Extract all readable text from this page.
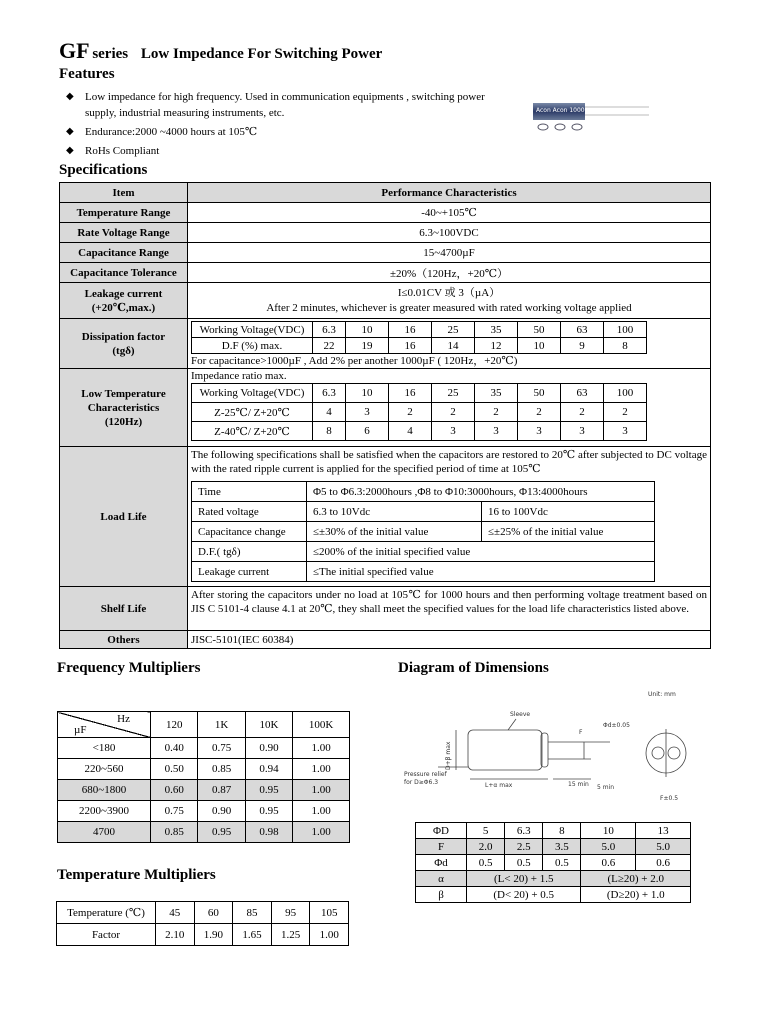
GF series Low Impedance For Switching Power
Features
◆ Low impedance for high frequency. Used in communication equipments , switching power supply, industrial measuring instruments, etc.
◆ Endurance:2000 ~4000 hours at 105℃
◆ RoHs Compliant
Acon Acon 1000uF 35V
Specifications
Item	Performance Characteristics
Temperature Range	-40~+105℃
Rate Voltage Range	6.3~100VDC
Capacitance Range	15~4700µF
Capacitance Tolerance	±20%（120Hz，+20℃）

Leakage current
(+20℃,max.)

I≤0.01CV 或 3（µA）
After 2 minutes, whichever is greater measured with rated working voltage applied

Dissipation factor
(tgδ)

Working Voltage(VDC)	6.3	10	16	25	35	50	63	100
D.F (%) max.	22	19	16	14	12	10	9	8
For capacitance>1000µF , Add 2% per another 1000µF ( 120Hz，+20℃)

Low Temperature
Characteristics
(120Hz)

Impedance ratio max.
Working Voltage(VDC)	6.3	10	16	25	35	50	63	100
Z-25℃/ Z+20℃	4	3	2	2	2	2	2	2
Z-40℃/ Z+20℃	8	6	4	3	3	3	3	3

Load Life	
The following specifications shall be satisfied when the capacitors are restored to 20℃ after subjected to DC voltage with the rated ripple current is applied for the specified period of time at 105℃
Time	Φ5 to Φ6.3:2000hours ,Φ8 to Φ10:3000hours, Φ13:4000hours
Rated voltage	6.3 to 10Vdc	16 to 100Vdc
Capacitance change	≤±30% of the initial value	≤±25% of the initial value
D.F.( tgδ)	≤200% of the initial specified value
Leakage current	≤The initial specified value

Shelf Life	After storing the capacitors under no load at 105℃ for 1000 hours and then performing voltage treatment based on JIS C 5101-4 clause 4.1 at 20℃, they shall meet the specified values for the load life characteristics listed above.
Others	JISC-5101(IEC 60384)
Frequency Multipliers
Hz
µF	120	1K	10K	100K
<180	0.40	0.75	0.90	1.00
220~560	0.50	0.85	0.94	1.00
680~1800	0.60	0.87	0.95	1.00
2200~3900	0.75	0.90	0.95	1.00
4700	0.85	0.95	0.98	1.00
Temperature Multipliers
Temperature (℃)	45	60	85	95	105
Factor	2.10	1.90	1.65	1.25	1.00
Diagram of Dimensions
Unit: mm
Sleeve
Φd±0.05
F
L+α max	15 min 5 min
F±0.5
Pressure relief
for D≥Φ6.3
D+β max
ΦD	5	6.3	8	10	13
F	2.0	2.5	3.5	5.0	5.0
Φd	0.5	0.5	0.5	0.6	0.6
α	(L< 20) + 1.5			(L≥20) + 2.0	
β	(D< 20) + 0.5			(D≥20) + 1.0	
